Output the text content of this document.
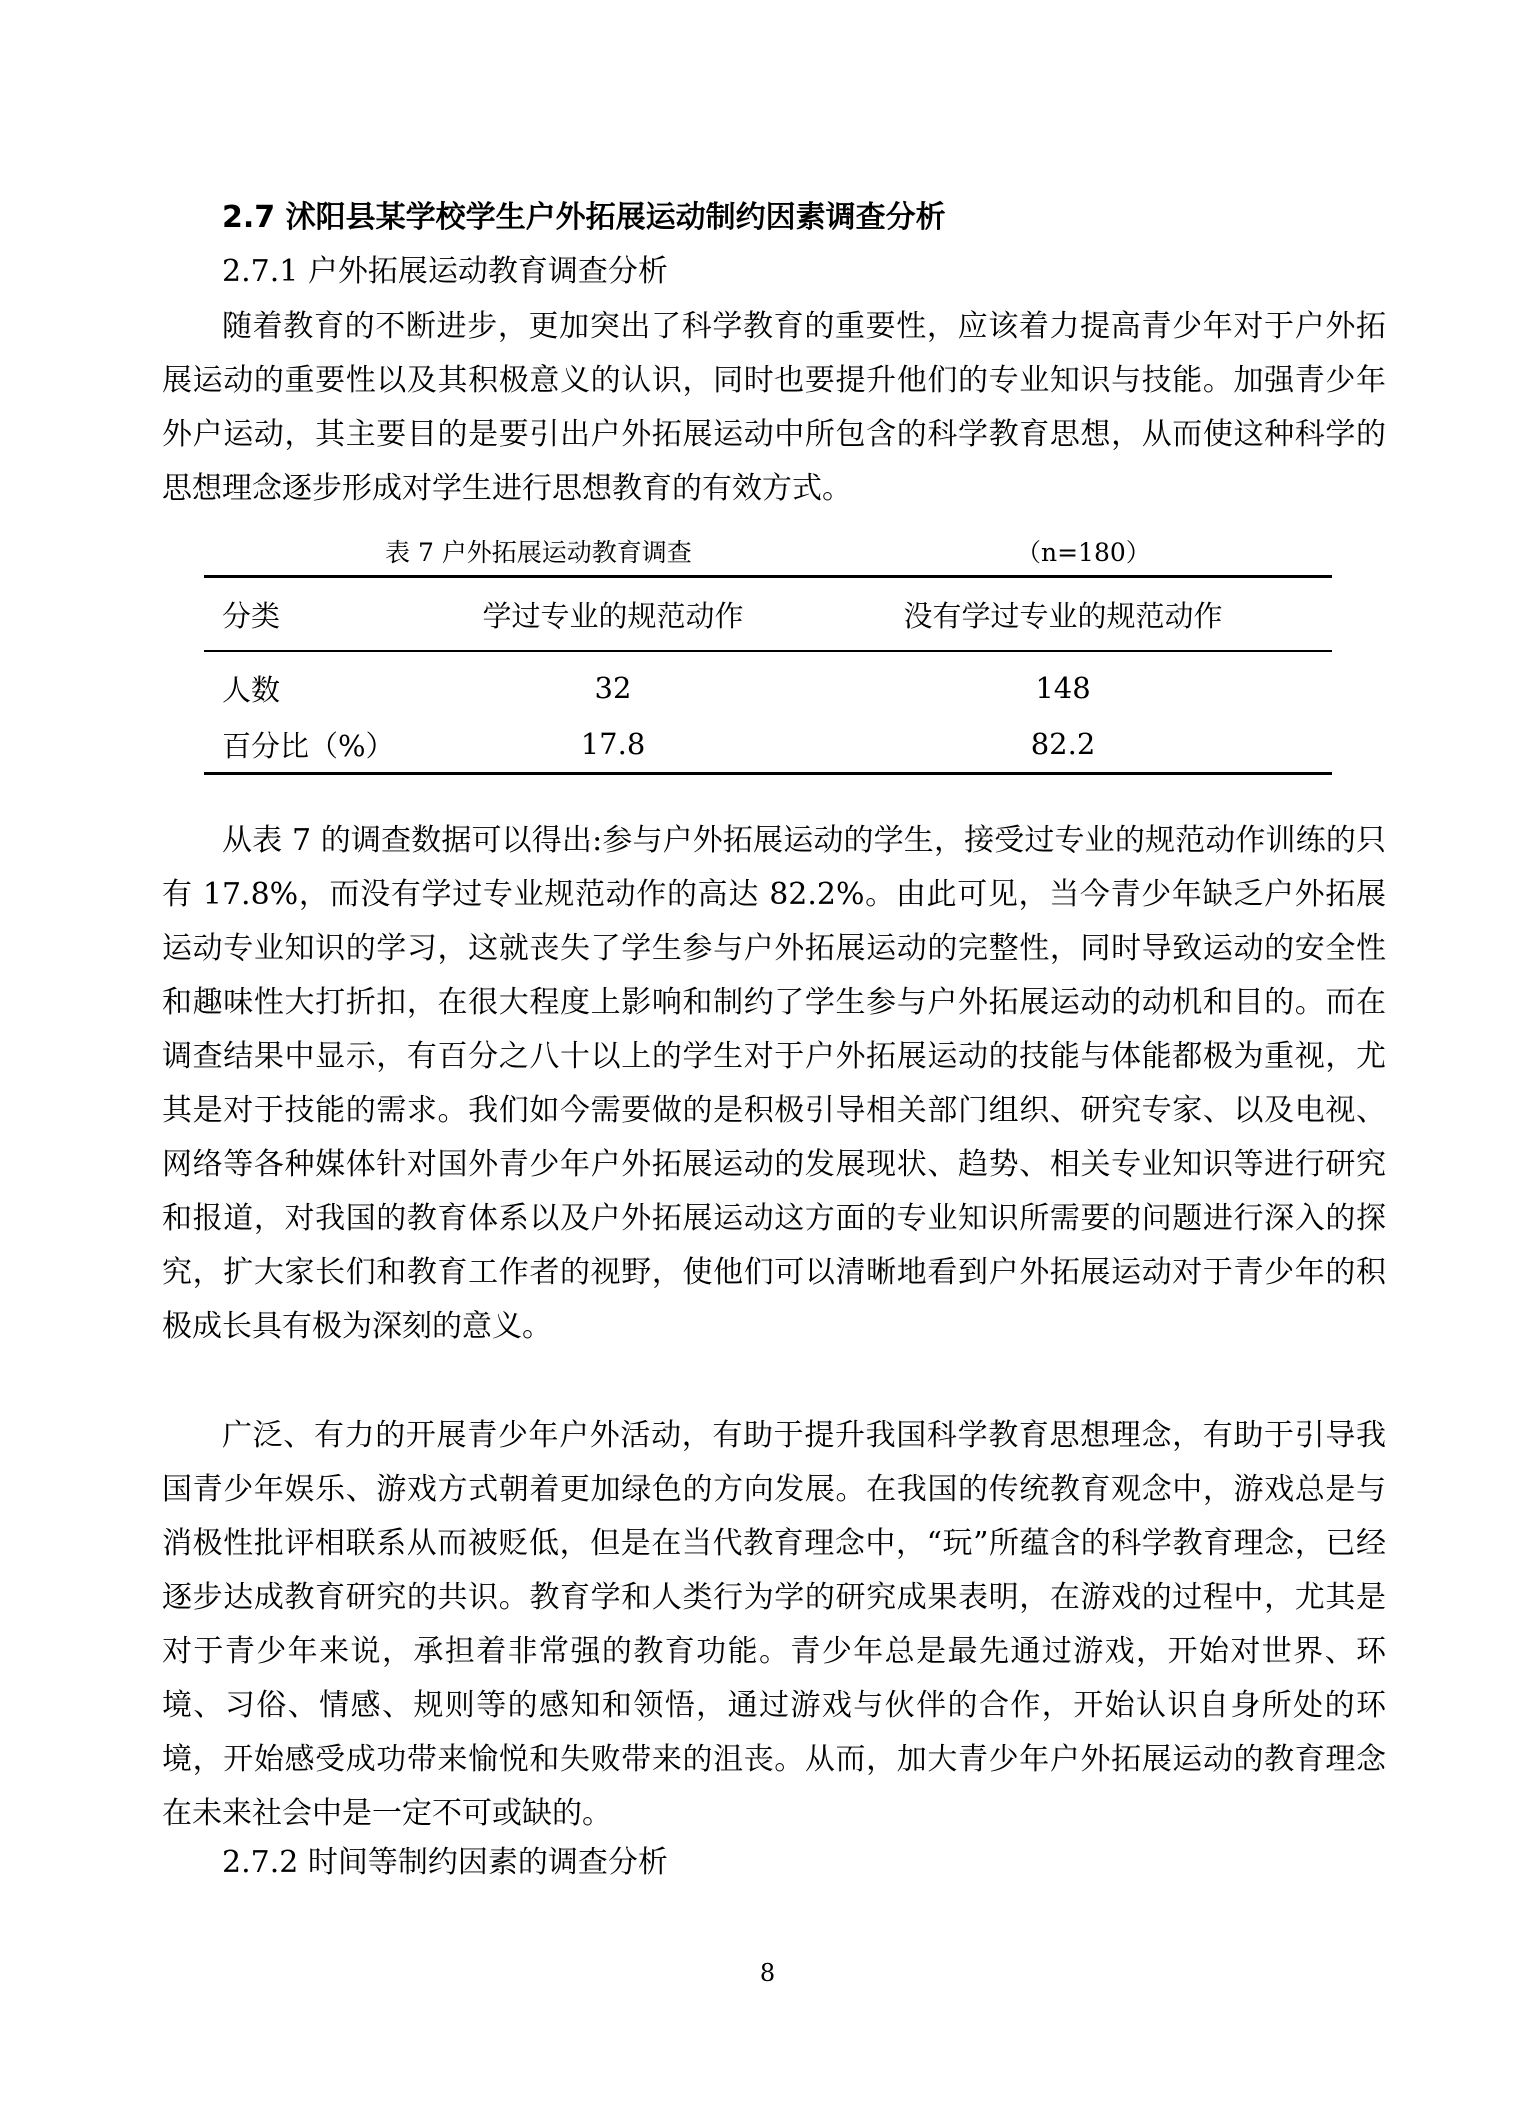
2.7 沭阳县某学校学生户外拓展运动制约因素调查分析
2.7.1 户外拓展运动教育调查分析

随着教育的不断进步，更加突出了科学教育的重要性，应该着力提高青少年对于户外拓展运动的重要性以及其积极意义的认识，同时也要提升他们的专业知识与技能。加强青少年外户运动，其主要目的是要引出户外拓展运动中所包含的科学教育思想，从而使这种科学的思想理念逐步形成对学生进行思想教育的有效方式。

表 7 户外拓展运动教育调查	（n=180）
分类	学过专业的规范动作	没有学过专业的规范动作
人数	32	148
百分比（%）	17.8	82.2

从表 7 的调查数据可以得出:参与户外拓展运动的学生，接受过专业的规范动作训练的只有 17.8%，而没有学过专业规范动作的高达 82.2%。由此可见，当今青少年缺乏户外拓展运动专业知识的学习，这就丧失了学生参与户外拓展运动的完整性，同时导致运动的安全性和趣味性大打折扣，在很大程度上影响和制约了学生参与户外拓展运动的动机和目的。而在调查结果中显示，有百分之八十以上的学生对于户外拓展运动的技能与体能都极为重视，尤其是对于技能的需求。我们如今需要做的是积极引导相关部门组织、研究专家、以及电视、网络等各种媒体针对国外青少年户外拓展运动的发展现状、趋势、相关专业知识等进行研究和报道，对我国的教育体系以及户外拓展运动这方面的专业知识所需要的问题进行深入的探究，扩大家长们和教育工作者的视野，使他们可以清晰地看到户外拓展运动对于青少年的积极成长具有极为深刻的意义。

广泛、有力的开展青少年户外活动，有助于提升我国科学教育思想理念，有助于引导我国青少年娱乐、游戏方式朝着更加绿色的方向发展。在我国的传统教育观念中，游戏总是与消极性批评相联系从而被贬低，但是在当代教育理念中，“玩”所蕴含的科学教育理念，已经逐步达成教育研究的共识。教育学和人类行为学的研究成果表明，在游戏的过程中，尤其是对于青少年来说，承担着非常强的教育功能。青少年总是最先通过游戏，开始对世界、环境、习俗、情感、规则等的感知和领悟，通过游戏与伙伴的合作，开始认识自身所处的环境，开始感受成功带来愉悦和失败带来的沮丧。从而，加大青少年户外拓展运动的教育理念在未来社会中是一定不可或缺的。

2.7.2 时间等制约因素的调查分析
8
